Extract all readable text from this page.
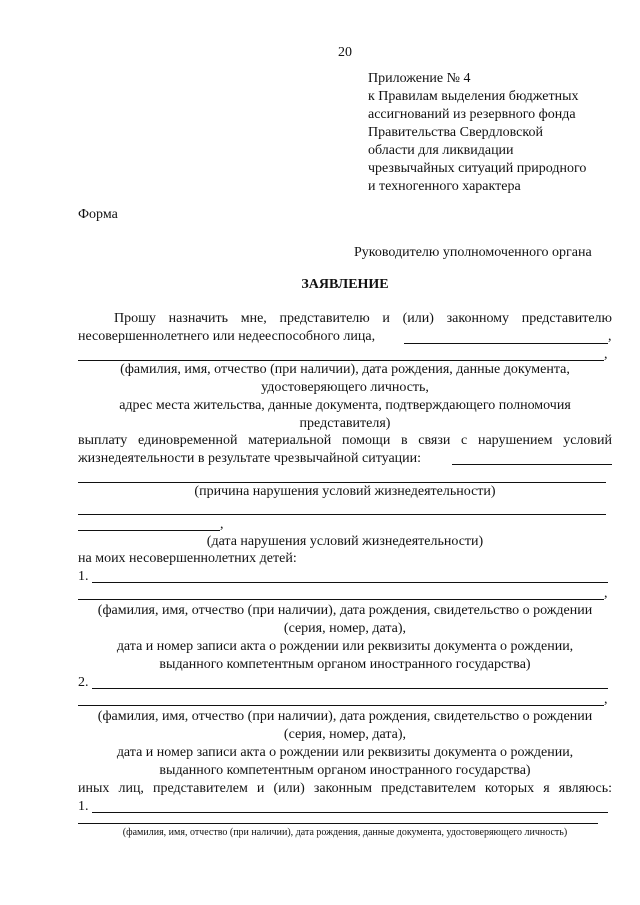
20

Приложение № 4

к Правилам выделения бюджетных

ассигнований из резервного фонда

Правительства Свердловской

области для ликвидации

чрезвычайных ситуаций природного

и техногенного характера

Форма

Руководителю уполномоченного органа

ЗАЯВЛЕНИЕ

Прошу назначить мне, представителю и (или) законному представителю

несовершеннолетнего или недееспособного лица,	,

,

(фамилия, имя, отчество (при наличии), дата рождения, данные документа,

удостоверяющего личность,

адрес места жительства, данные документа, подтверждающего полномочия

представителя)

выплату единовременной материальной помощи в связи с нарушением условий

жизнедеятельности в результате чрезвычайной ситуации:

(причина нарушения условий жизнедеятельности)

,

(дата нарушения условий жизнедеятельности)

на моих несовершеннолетних детей:

1.

,

(фамилия, имя, отчество (при наличии), дата рождения, свидетельство о рождении

(серия, номер, дата),

дата и номер записи акта о рождении или реквизиты документа о рождении,

выданного компетентным органом иностранного государства)

2.

,

(фамилия, имя, отчество (при наличии), дата рождения, свидетельство о рождении

(серия, номер, дата),

дата и номер записи акта о рождении или реквизиты документа о рождении,

выданного компетентным органом иностранного государства)

иных лиц, представителем и (или) законным представителем которых я являюсь:

1.

(фамилия, имя, отчество (при наличии), дата рождения, данные документа, удостоверяющего личность)
